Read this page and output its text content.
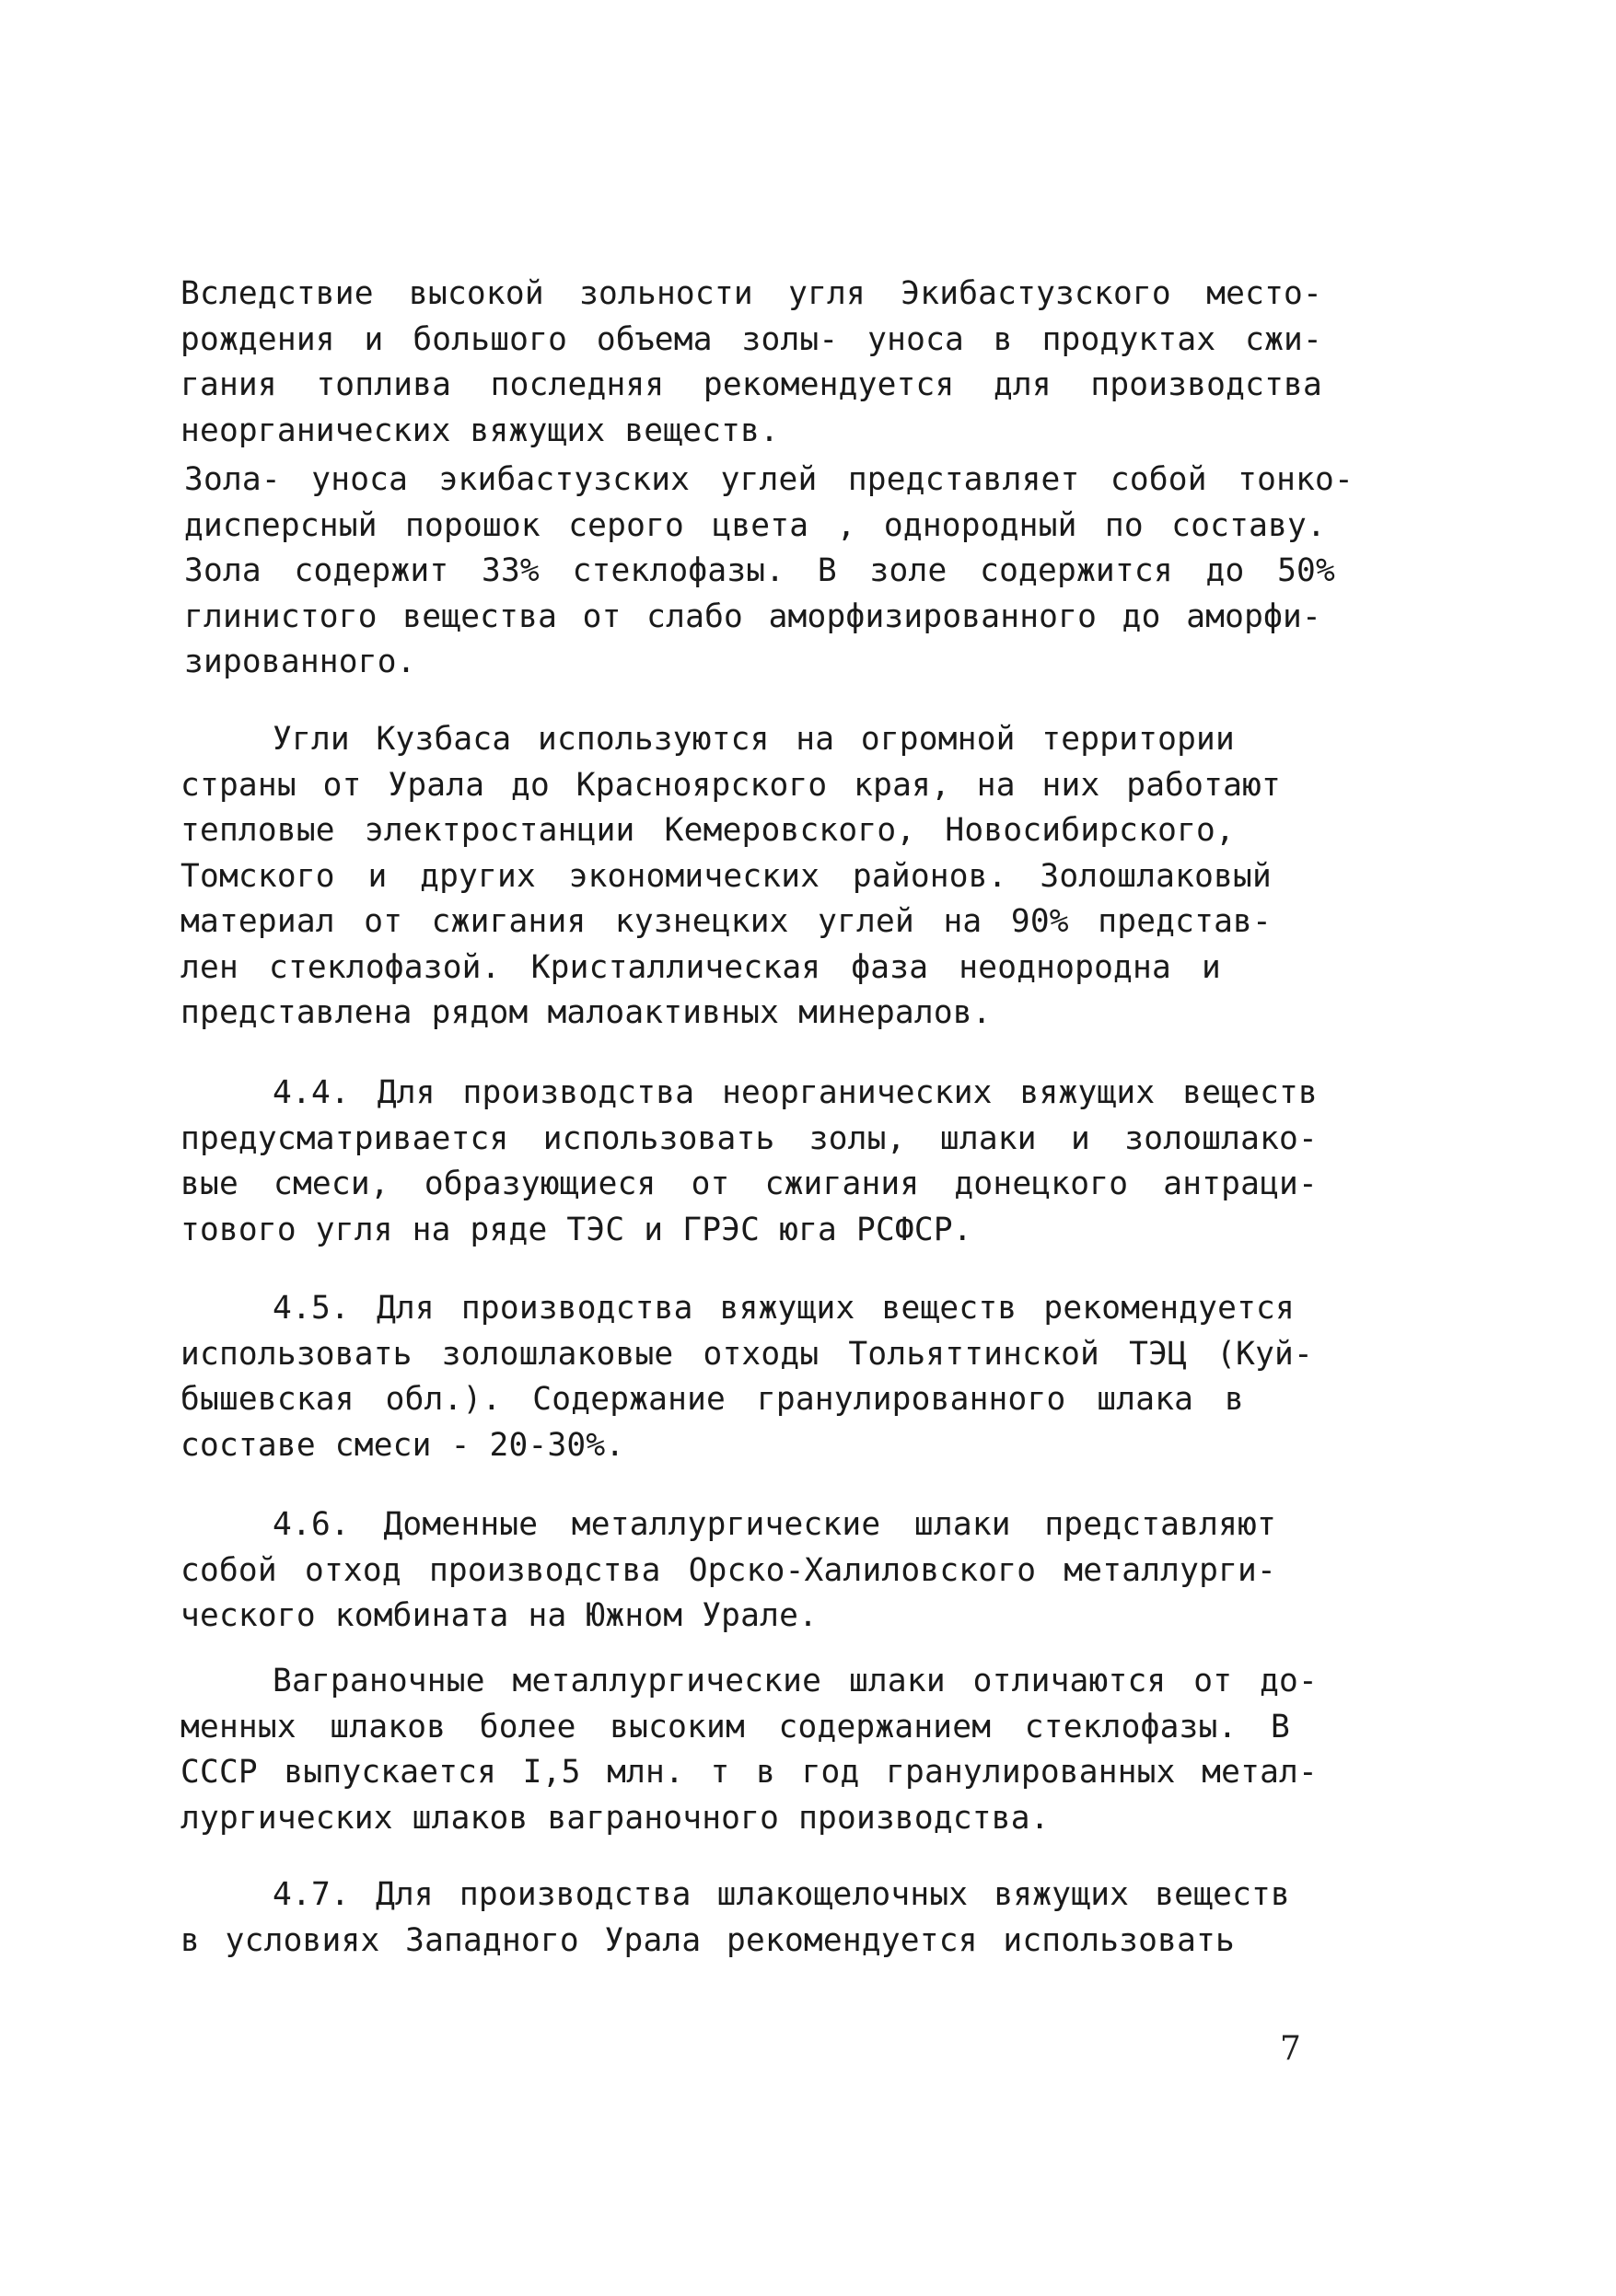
Вследствие высокой зольности угля Экибастузского место-
рождения и большого объема золы- уноса в продуктах сжи-
гания топлива последняя рекомендуется для производства
неорганических вяжущих веществ.
Зола- уноса экибастузских углей представляет собой тонко-
дисперсный порошок серого цвета , однородный по составу.
Зола содержит 33% стеклофазы. В золе содержится до 50%
глинистого вещества от слабо аморфизированного до аморфи-
зированного.
Угли Кузбаса используются на огромной территории
страны от Урала до Красноярского края, на них работают
тепловые электростанции Кемеровского, Новосибирского,
Томского и других экономических районов. Золошлаковый
материал от сжигания кузнецких углей на 90% представ-
лен стеклофазой. Кристаллическая фаза неоднородна и
представлена рядом малоактивных минералов.
4.4. Для производства неорганических вяжущих веществ
предусматривается использовать золы, шлаки и золошлако-
вые смеси, образующиеся от сжигания донецкого антраци-
тового угля на ряде ТЭС и ГРЭС юга РСФСР.
4.5. Для производства вяжущих веществ рекомендуется
использовать золошлаковые отходы Тольяттинской ТЭЦ (Куй-
бышевская обл.). Содержание гранулированного шлака в
составе смеси - 20-30%.
4.6. Доменные металлургические шлаки представляют
собой отход производства Орско-Халиловского металлурги-
ческого комбината на Южном Урале.
Ваграночные металлургические шлаки отличаются от до-
менных шлаков более высоким содержанием стеклофазы. В
СССР выпускается I,5 млн. т в год гранулированных метал-
лургических шлаков ваграночного производства.
4.7. Для производства шлакощелочных вяжущих веществ
в условиях Западного Урала рекомендуется использовать
7
